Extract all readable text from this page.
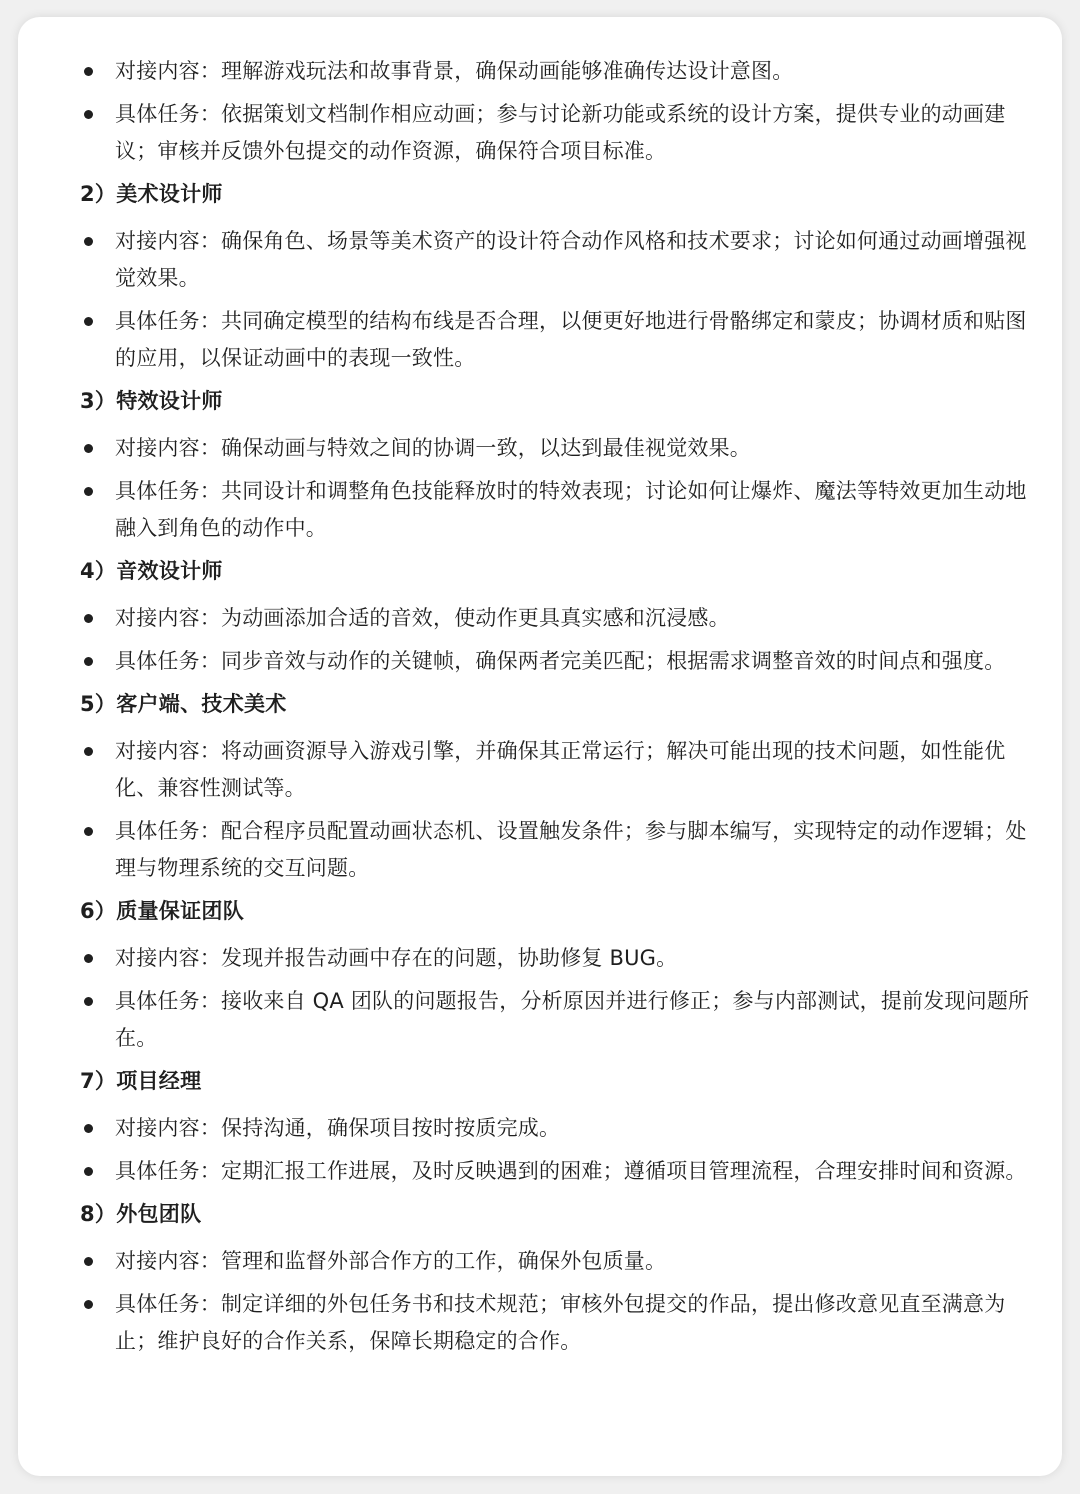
对接内容：理解游戏玩法和故事背景，确保动画能够准确传达设计意图。
具体任务：依据策划文档制作相应动画；参与讨论新功能或系统的设计方案，提供专业的动画建议；审核并反馈外包提交的动作资源，确保符合项目标准。
2）美术设计师
对接内容：确保角色、场景等美术资产的设计符合动作风格和技术要求；讨论如何通过动画增强视觉效果。
具体任务：共同确定模型的结构布线是否合理，以便更好地进行骨骼绑定和蒙皮；协调材质和贴图的应用，以保证动画中的表现一致性。
3）特效设计师
对接内容：确保动画与特效之间的协调一致，以达到最佳视觉效果。
具体任务：共同设计和调整角色技能释放时的特效表现；讨论如何让爆炸、魔法等特效更加生动地融入到角色的动作中。
4）音效设计师
对接内容：为动画添加合适的音效，使动作更具真实感和沉浸感。
具体任务：同步音效与动作的关键帧，确保两者完美匹配；根据需求调整音效的时间点和强度。
5）客户端、技术美术
对接内容：将动画资源导入游戏引擎，并确保其正常运行；解决可能出现的技术问题，如性能优化、兼容性测试等。
具体任务：配合程序员配置动画状态机、设置触发条件；参与脚本编写，实现特定的动作逻辑；处理与物理系统的交互问题。
6）质量保证团队
对接内容：发现并报告动画中存在的问题，协助修复 BUG。
具体任务：接收来自 QA 团队的问题报告，分析原因并进行修正；参与内部测试，提前发现问题所在。
7）项目经理
对接内容：保持沟通，确保项目按时按质完成。
具体任务：定期汇报工作进展，及时反映遇到的困难；遵循项目管理流程，合理安排时间和资源。
8）外包团队
对接内容：管理和监督外部合作方的工作，确保外包质量。
具体任务：制定详细的外包任务书和技术规范；审核外包提交的作品，提出修改意见直至满意为止；维护良好的合作关系，保障长期稳定的合作。
